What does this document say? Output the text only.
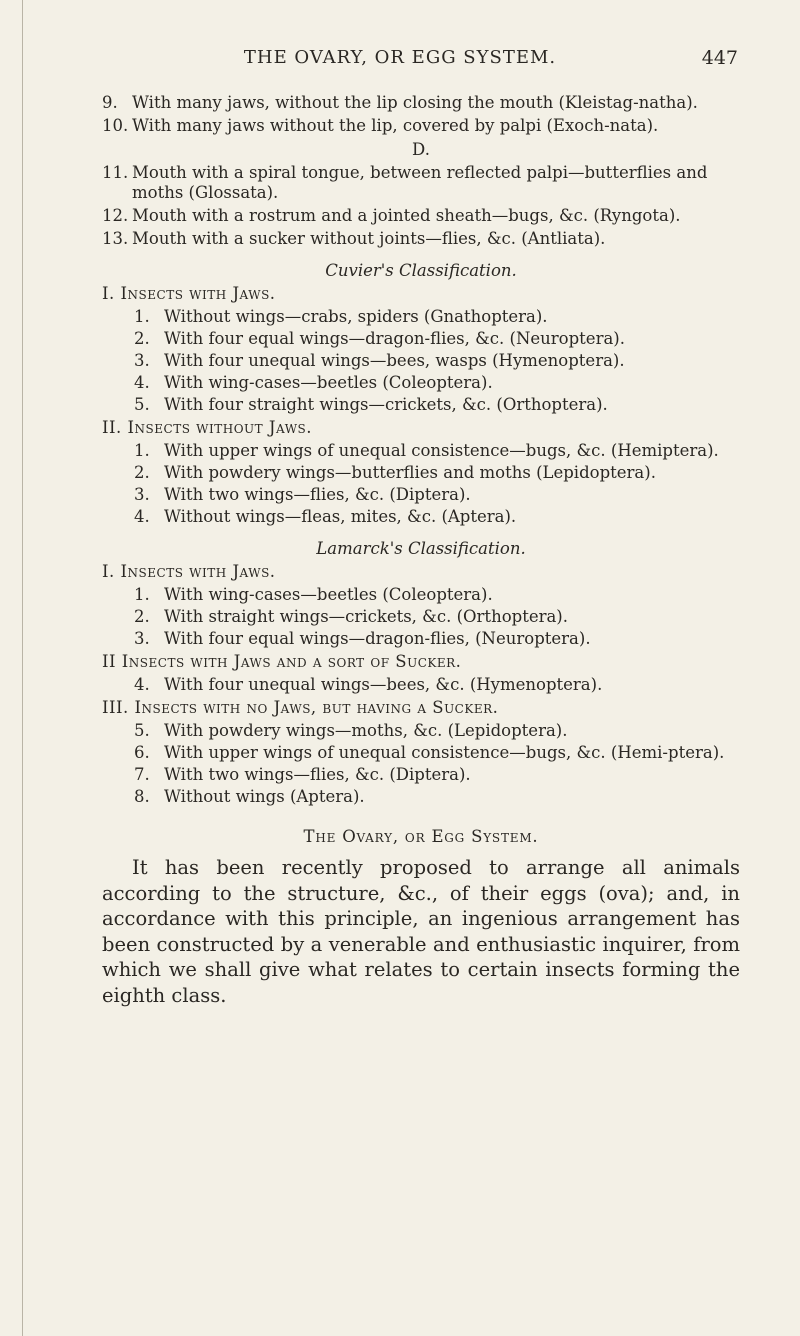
THE OVARY, OR EGG SYSTEM.	447

9. With many jaws, without the lip closing the mouth (Kleistag-natha).

10. With many jaws without the lip, covered by palpi (Exoch-nata).

D.

11. Mouth with a spiral tongue, between reflected palpi—butterflies and moths (Glossata).

12. Mouth with a rostrum and a jointed sheath—bugs, &c. (Ryngota).

13. Mouth with a sucker without joints—flies, &c. (Antliata).

Cuvier's Classification.
I. Insects with Jaws.

1. Without wings—crabs, spiders (Gnathoptera).

2. With four equal wings—dragon-flies, &c. (Neuroptera).

3. With four unequal wings—bees, wasps (Hymenoptera).

4. With wing-cases—beetles (Coleoptera).

5. With four straight wings—crickets, &c. (Orthoptera).

II. Insects without Jaws.

1. With upper wings of unequal consistence—bugs, &c. (Hemiptera).

2. With powdery wings—butterflies and moths (Lepidoptera).

3. With two wings—flies, &c. (Diptera).

4. Without wings—fleas, mites, &c. (Aptera).

Lamarck's Classification.
I. Insects with Jaws.

1. With wing-cases—beetles (Coleoptera).

2. With straight wings—crickets, &c. (Orthoptera).

3. With four equal wings—dragon-flies, (Neuroptera).

II Insects with Jaws and a sort of Sucker.

4. With four unequal wings—bees, &c. (Hymenoptera).

III. Insects with no Jaws, but having a Sucker.

5. With powdery wings—moths, &c. (Lepidoptera).

6. With upper wings of unequal consistence—bugs, &c. (Hemi-ptera).

7. With two wings—flies, &c. (Diptera).

8. Without wings (Aptera).

The Ovary, or Egg System.

It has been recently proposed to arrange all animals according to the structure, &c., of their eggs (ova); and, in accordance with this principle, an ingenious arrangement has been constructed by a venerable and enthusiastic inquirer, from which we shall give what relates to certain insects forming the eighth class.
